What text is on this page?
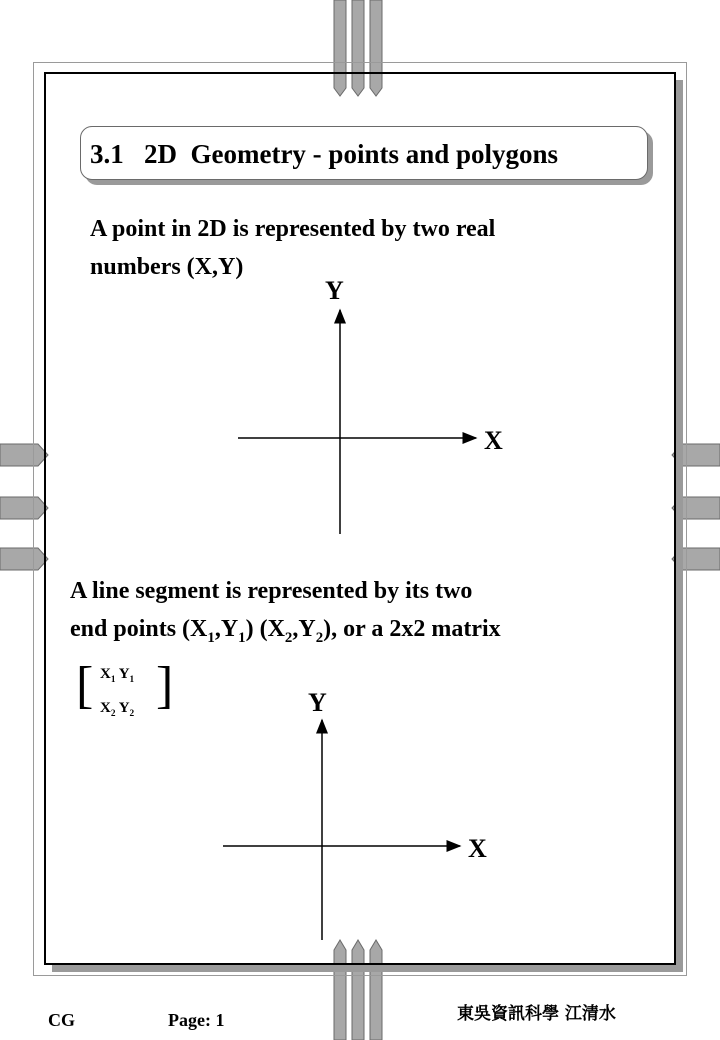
3.1   2D  Geometry - points and polygons
A point in 2D is represented by two real
numbers (X,Y)
Y
X
A line segment is represented by its two
end points $(X_1,Y_1)$ $(X_2,Y_2)$, or a 2x2 matrix
[ $X_1$ $Y_1$
$X_2$ $Y_2$ ]	Y
X
CG	Page: 1	東吳資訊科學 江清水
